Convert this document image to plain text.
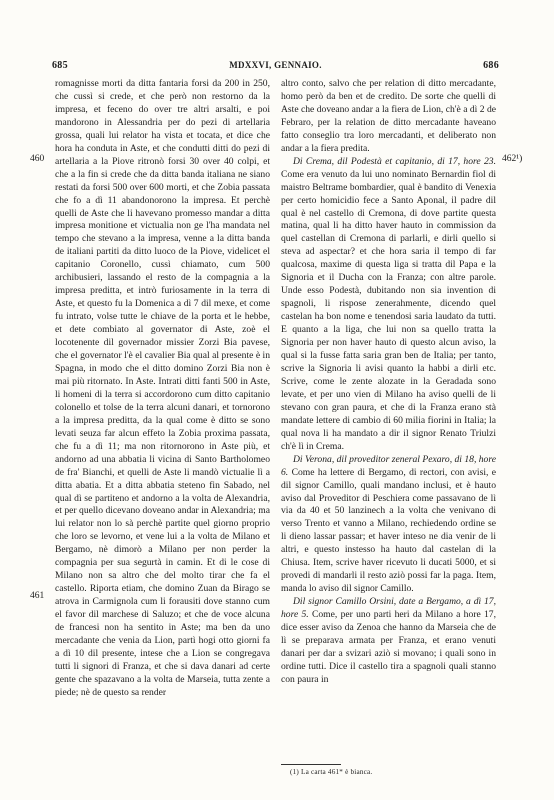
685	MDXXVI, GENNAIO.	686
460
461
462¹)

romagnisse morti da ditta fantaria forsi da 200 in 250, che cussì si crede, et che però non restorno da la impresa, et feceno do over tre altri arsalti, e poi mandorono in Alessandria per do pezi di artellaria grossa, quali lui relator ha vista et tocata, et dice che hora ha conduta in Aste, et che condutti ditti do pezi di artellaria a la Piove ritronò forsi 30 over 40 colpi, et che a la fin si crede che da ditta banda italiana ne siano restati da forsi 500 over 600 morti, et che Zobia passata che fo a dì 11 abandonorono la impresa. Et perchè quelli de Aste che li havevano promesso mandar a ditta impresa monitione et victualia non ge l'ha mandata nel tempo che stevano a la impresa, venne a la ditta banda de italiani partiti da ditto luoco de la Piove, videlicet el capitanio Coronello, cussì chiamato, cum 500 archibusieri, lassando el resto de la compagnia a la impresa preditta, et intrò furiosamente in la terra di Aste, et questo fu la Domenica a dì 7 dil mexe, et come fu intrato, volse tutte le chiave de la porta et le hebbe, et dete combiato al governator di Aste, zoè el locotenente dil governador missier Zorzi Bia pavese, che el governator l'è el cavalier Bia qual al presente è in Spagna, in modo che el ditto domino Zorzi Bia non è mai più ritornato. In Aste. Intrati ditti fanti 500 in Aste, li homeni di la terra si accordorono cum ditto capitanio colonello et tolse de la terra alcuni danari, et tornorono a la impresa preditta, da la qual come è ditto se sono levati seuza far alcun effeto la Zobia proxima passata, che fu a dì 11; ma non ritornorono in Aste più, et andorno ad una abbatia li vicina di Santo Bartholomeo de fra' Bianchi, et quelli de Aste li mandò victualie lì a ditta abatia. Et a ditta abbatia steteno fin Sabado, nel qual dì se partiteno et andorno a la volta de Alexandria, et per quello dicevano doveano andar in Alexandria; ma lui relator non lo sà perchè partite quel giorno proprio che loro se levorno, et vene lui a la volta de Milano et Bergamo, nè dimorò a Milano per non perder la compagnia per sua segurtà in camin. Et di le cose di Milano non sa altro che del molto tirar che fa el castello. Riporta etiam, che domino Zuan da Birago se atrova in Carmignola cum li forausiti dove stanno cum el favor dil marchese di Saluzo; et che de voce alcuna de francesi non ha sentito in Aste; ma ben da uno mercadante che venia da Lion, partì hogi otto giorni fa a dì 10 dil presente, intese che a Lion se congregava tutti li signori di Franza, et che si dava danari ad certe gente che spazavano a la volta de Marseia, tutta zente a piede; nè de questo sa render

altro conto, salvo che per relation di ditto mercadante, homo però da ben et de credito. De sorte che quelli di Aste che doveano andar a la fiera de Lion, ch'è a dì 2 de Febraro, per la relation de ditto mercadante haveano fatto conseglio tra loro mercadanti, et deliberato non andar a la fiera predita.

Di Crema, dil Podestà et capitanio, di 17, hore 23. Come era venuto da lui uno nominato Bernardin fiol di maistro Beltrame bombardier, qual è bandito di Venexia per certo homicidio fece a Santo Aponal, il padre dil qual è nel castello di Cremona, di dove partite questa matina, qual li ha ditto haver hauto in commission da quel castellan di Cremona di parlarli, e dirli quello si steva ad aspectar? et che hora saria il tempo di far qualcosa, maxime di questa liga si tratta dil Papa e la Signoria et il Ducha con la Franza; con altre parole. Unde esso Podestà, dubitando non sia invention di spagnoli, li rispose zenerahmente, dicendo quel castelan ha bon nome e tenendosi saria laudato da tutti. E quanto a la liga, che lui non sa quello tratta la Signoria per non haver hauto di questo alcun aviso, la qual si la fusse fatta saria gran ben de Italia; per tanto, scrive la Signoria li avisi quanto la habbi a dirli etc. Scrive, come le zente alozate in la Geradada sono levate, et per uno vien di Milano ha aviso quelli de li stevano con gran paura, et che di la Franza erano stà mandate lettere di cambio di 60 milia fiorini in Italia; la qual nova li ha mandato a dir il signor Renato Triulzi ch'è lì in Crema.

Di Verona, dil proveditor zeneral Pexaro, di 18, hore 6. Come ha lettere di Bergamo, di rectori, con avisi, e dil signor Camillo, quali mandano inclusi, et è hauto aviso dal Proveditor di Peschiera come passavano de lì via da 40 et 50 lanzinech a la volta che venivano di verso Trento et vanno a Milano, rechiedendo ordine se li dieno lassar passar; et haver inteso ne dia venir de li altri, e questo instesso ha hauto dal castelan di la Chiusa. Item, scrive haver ricevuto li ducati 5000, et si provedi di mandarli il resto aziò possi far la paga. Item, manda lo aviso dil signor Camillo.

Dil signor Camillo Orsini, date a Bergamo, a dì 17, hore 5. Come, per uno parti heri da Milano a hore 17, dice esser aviso da Zenoa che hanno da Marseia che de lì se preparava armata per Franza, et erano venuti danari per dar a svizari aziò si movano; i quali sono in ordine tutti. Dice il castello tira a spagnoli quali stanno con paura in

(1) La carta 461* è bianca.
